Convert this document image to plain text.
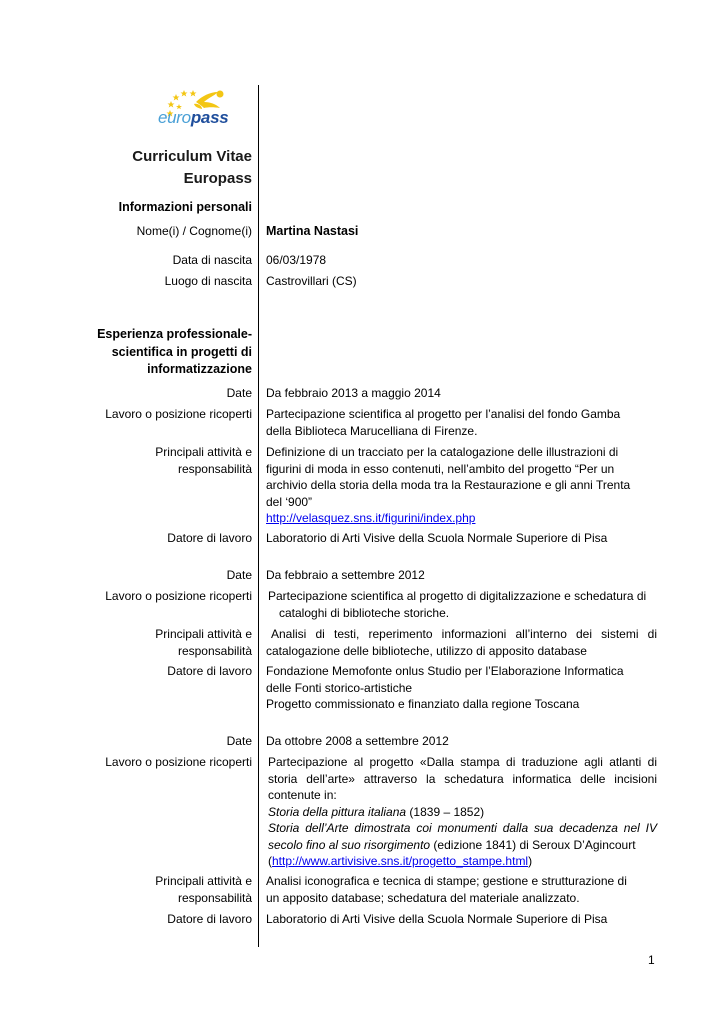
europass
Curriculum Vitae
Europass
Informazioni personali
Nome(i) / Cognome(i) Martina Nastasi
Data di nascita 06/03/1978
Luogo di nascita Castrovillari (CS)
Esperienza professionale-
scientifica in progetti di
informatizzazione
Date Da febbraio 2013 a maggio 2014
Lavoro o posizione ricoperti Partecipazione scientifica al progetto per l’analisi del fondo Gamba
della Biblioteca Marucelliana di Firenze.
Principali attività e
responsabilità
Definizione di un tracciato per la catalogazione delle illustrazioni di
figurini di moda in esso contenuti, nell’ambito del progetto “Per un
archivio della storia della moda tra la Restaurazione e gli anni Trenta
del ‘900”
http://velasquez.sns.it/figurini/index.php
Datore di lavoro Laboratorio di Arti Visive della Scuola Normale Superiore di Pisa
Date Da febbraio a settembre 2012
Lavoro o posizione ricoperti Partecipazione scientifica al progetto di digitalizzazione e schedatura di
cataloghi di biblioteche storiche.
Principali attività e
responsabilità
Analisi di testi, reperimento informazioni all’interno dei sistemi di
catalogazione delle biblioteche, utilizzo di apposito database
Datore di lavoro Fondazione Memofonte onlus Studio per l’Elaborazione Informatica
delle Fonti storico-artistiche
Progetto commissionato e finanziato dalla regione Toscana
Date Da ottobre 2008 a settembre 2012
Lavoro o posizione ricoperti Partecipazione al progetto «Dalla stampa di traduzione agli atlanti di
storia dell’arte» attraverso la schedatura informatica delle incisioni
contenute in:
Storia della pittura italiana (1839 – 1852)
Storia dell’Arte dimostrata coi monumenti dalla sua decadenza nel IV
secolo fino al suo risorgimento (edizione 1841) di Seroux D’Agincourt
(http://www.artivisive.sns.it/progetto_stampe.html)
Principali attività e
responsabilità
Analisi iconografica e tecnica di stampe; gestione e strutturazione di
un apposito database; schedatura del materiale analizzato.
Datore di lavoro Laboratorio di Arti Visive della Scuola Normale Superiore di Pisa
1
